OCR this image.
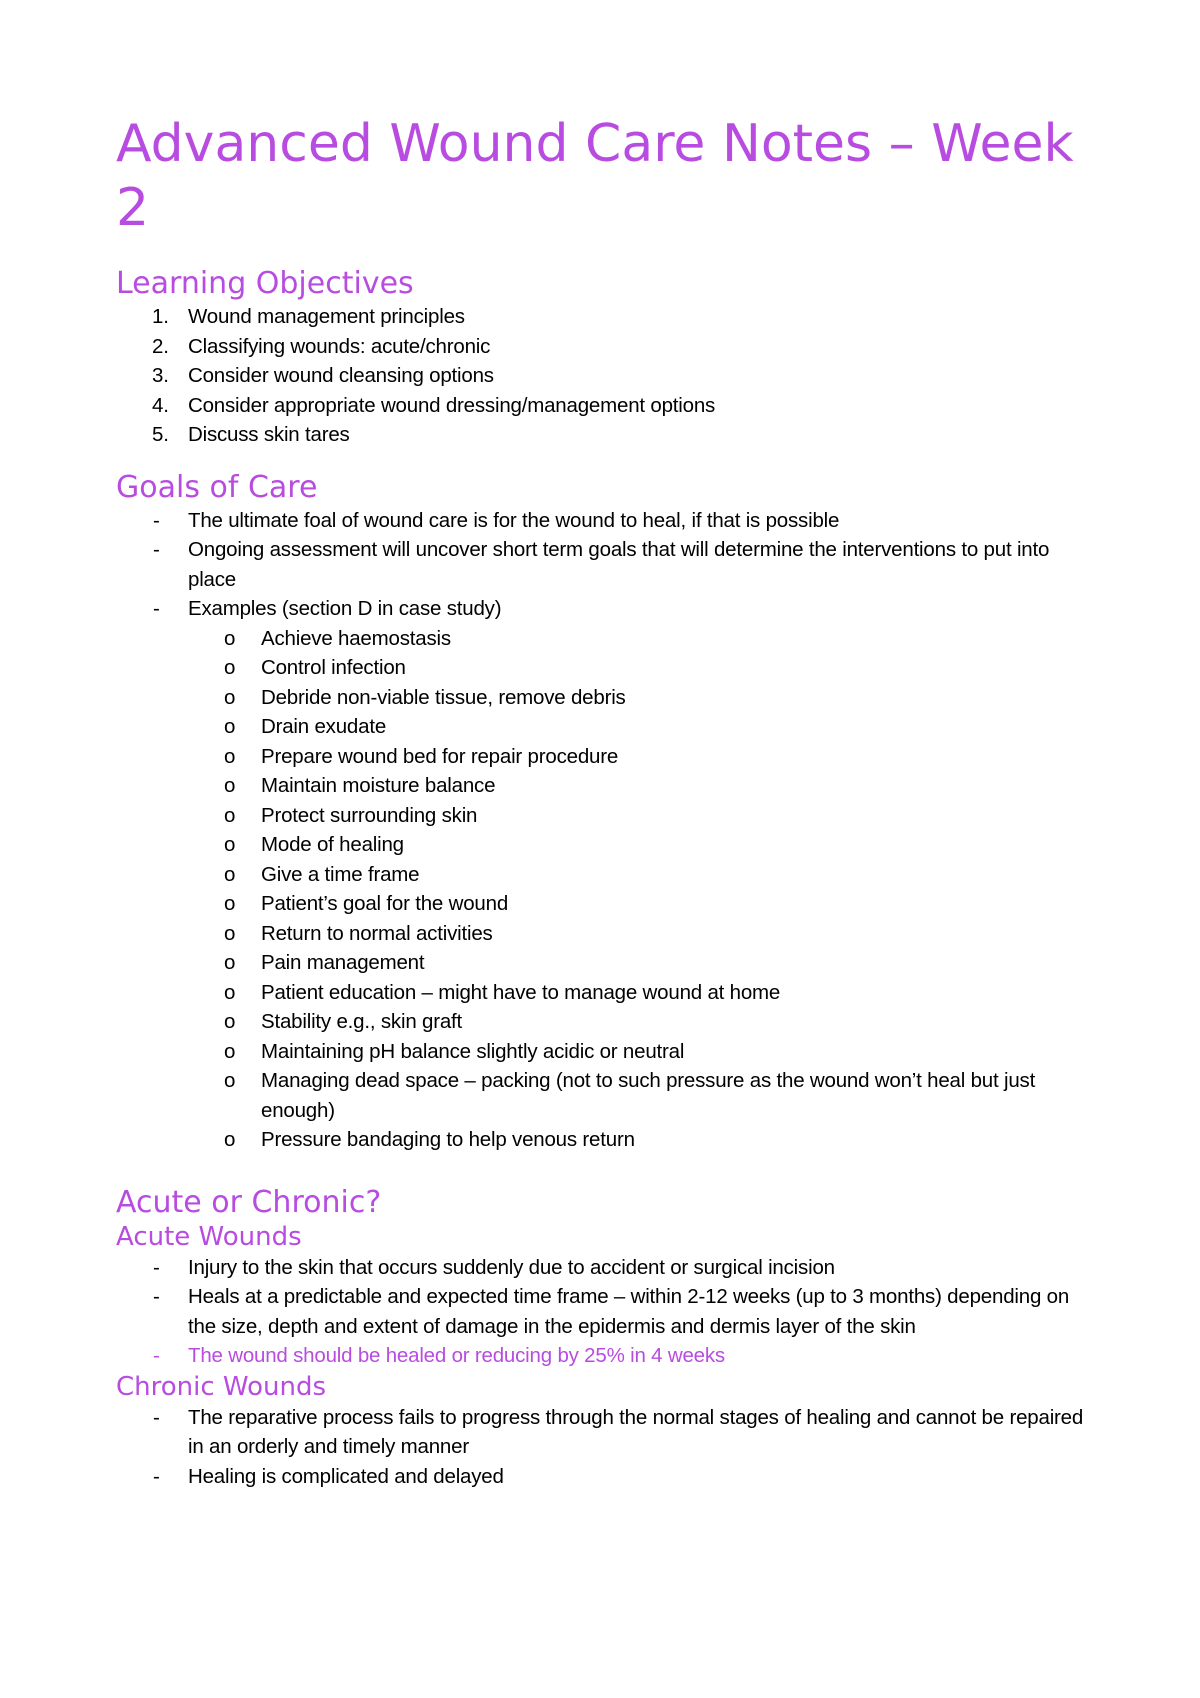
Advanced Wound Care Notes – Week 2
Learning Objectives
1. Wound management principles
2. Classifying wounds: acute/chronic
3. Consider wound cleansing options
4. Consider appropriate wound dressing/management options
5. Discuss skin tares
Goals of Care
- The ultimate foal of wound care is for the wound to heal, if that is possible
- Ongoing assessment will uncover short term goals that will determine the interventions to put into place
- Examples (section D in case study)
o Achieve haemostasis
o Control infection
o Debride non-viable tissue, remove debris
o Drain exudate
o Prepare wound bed for repair procedure
o Maintain moisture balance
o Protect surrounding skin
o Mode of healing
o Give a time frame
o Patient’s goal for the wound
o Return to normal activities
o Pain management
o Patient education – might have to manage wound at home
o Stability e.g., skin graft
o Maintaining pH balance slightly acidic or neutral
o Managing dead space – packing (not to such pressure as the wound won’t heal but just enough)
o Pressure bandaging to help venous return
Acute or Chronic?
Acute Wounds
- Injury to the skin that occurs suddenly due to accident or surgical incision
- Heals at a predictable and expected time frame – within 2-12 weeks (up to 3 months) depending on the size, depth and extent of damage in the epidermis and dermis layer of the skin
- The wound should be healed or reducing by 25% in 4 weeks
Chronic Wounds
- The reparative process fails to progress through the normal stages of healing and cannot be repaired in an orderly and timely manner
- Healing is complicated and delayed
